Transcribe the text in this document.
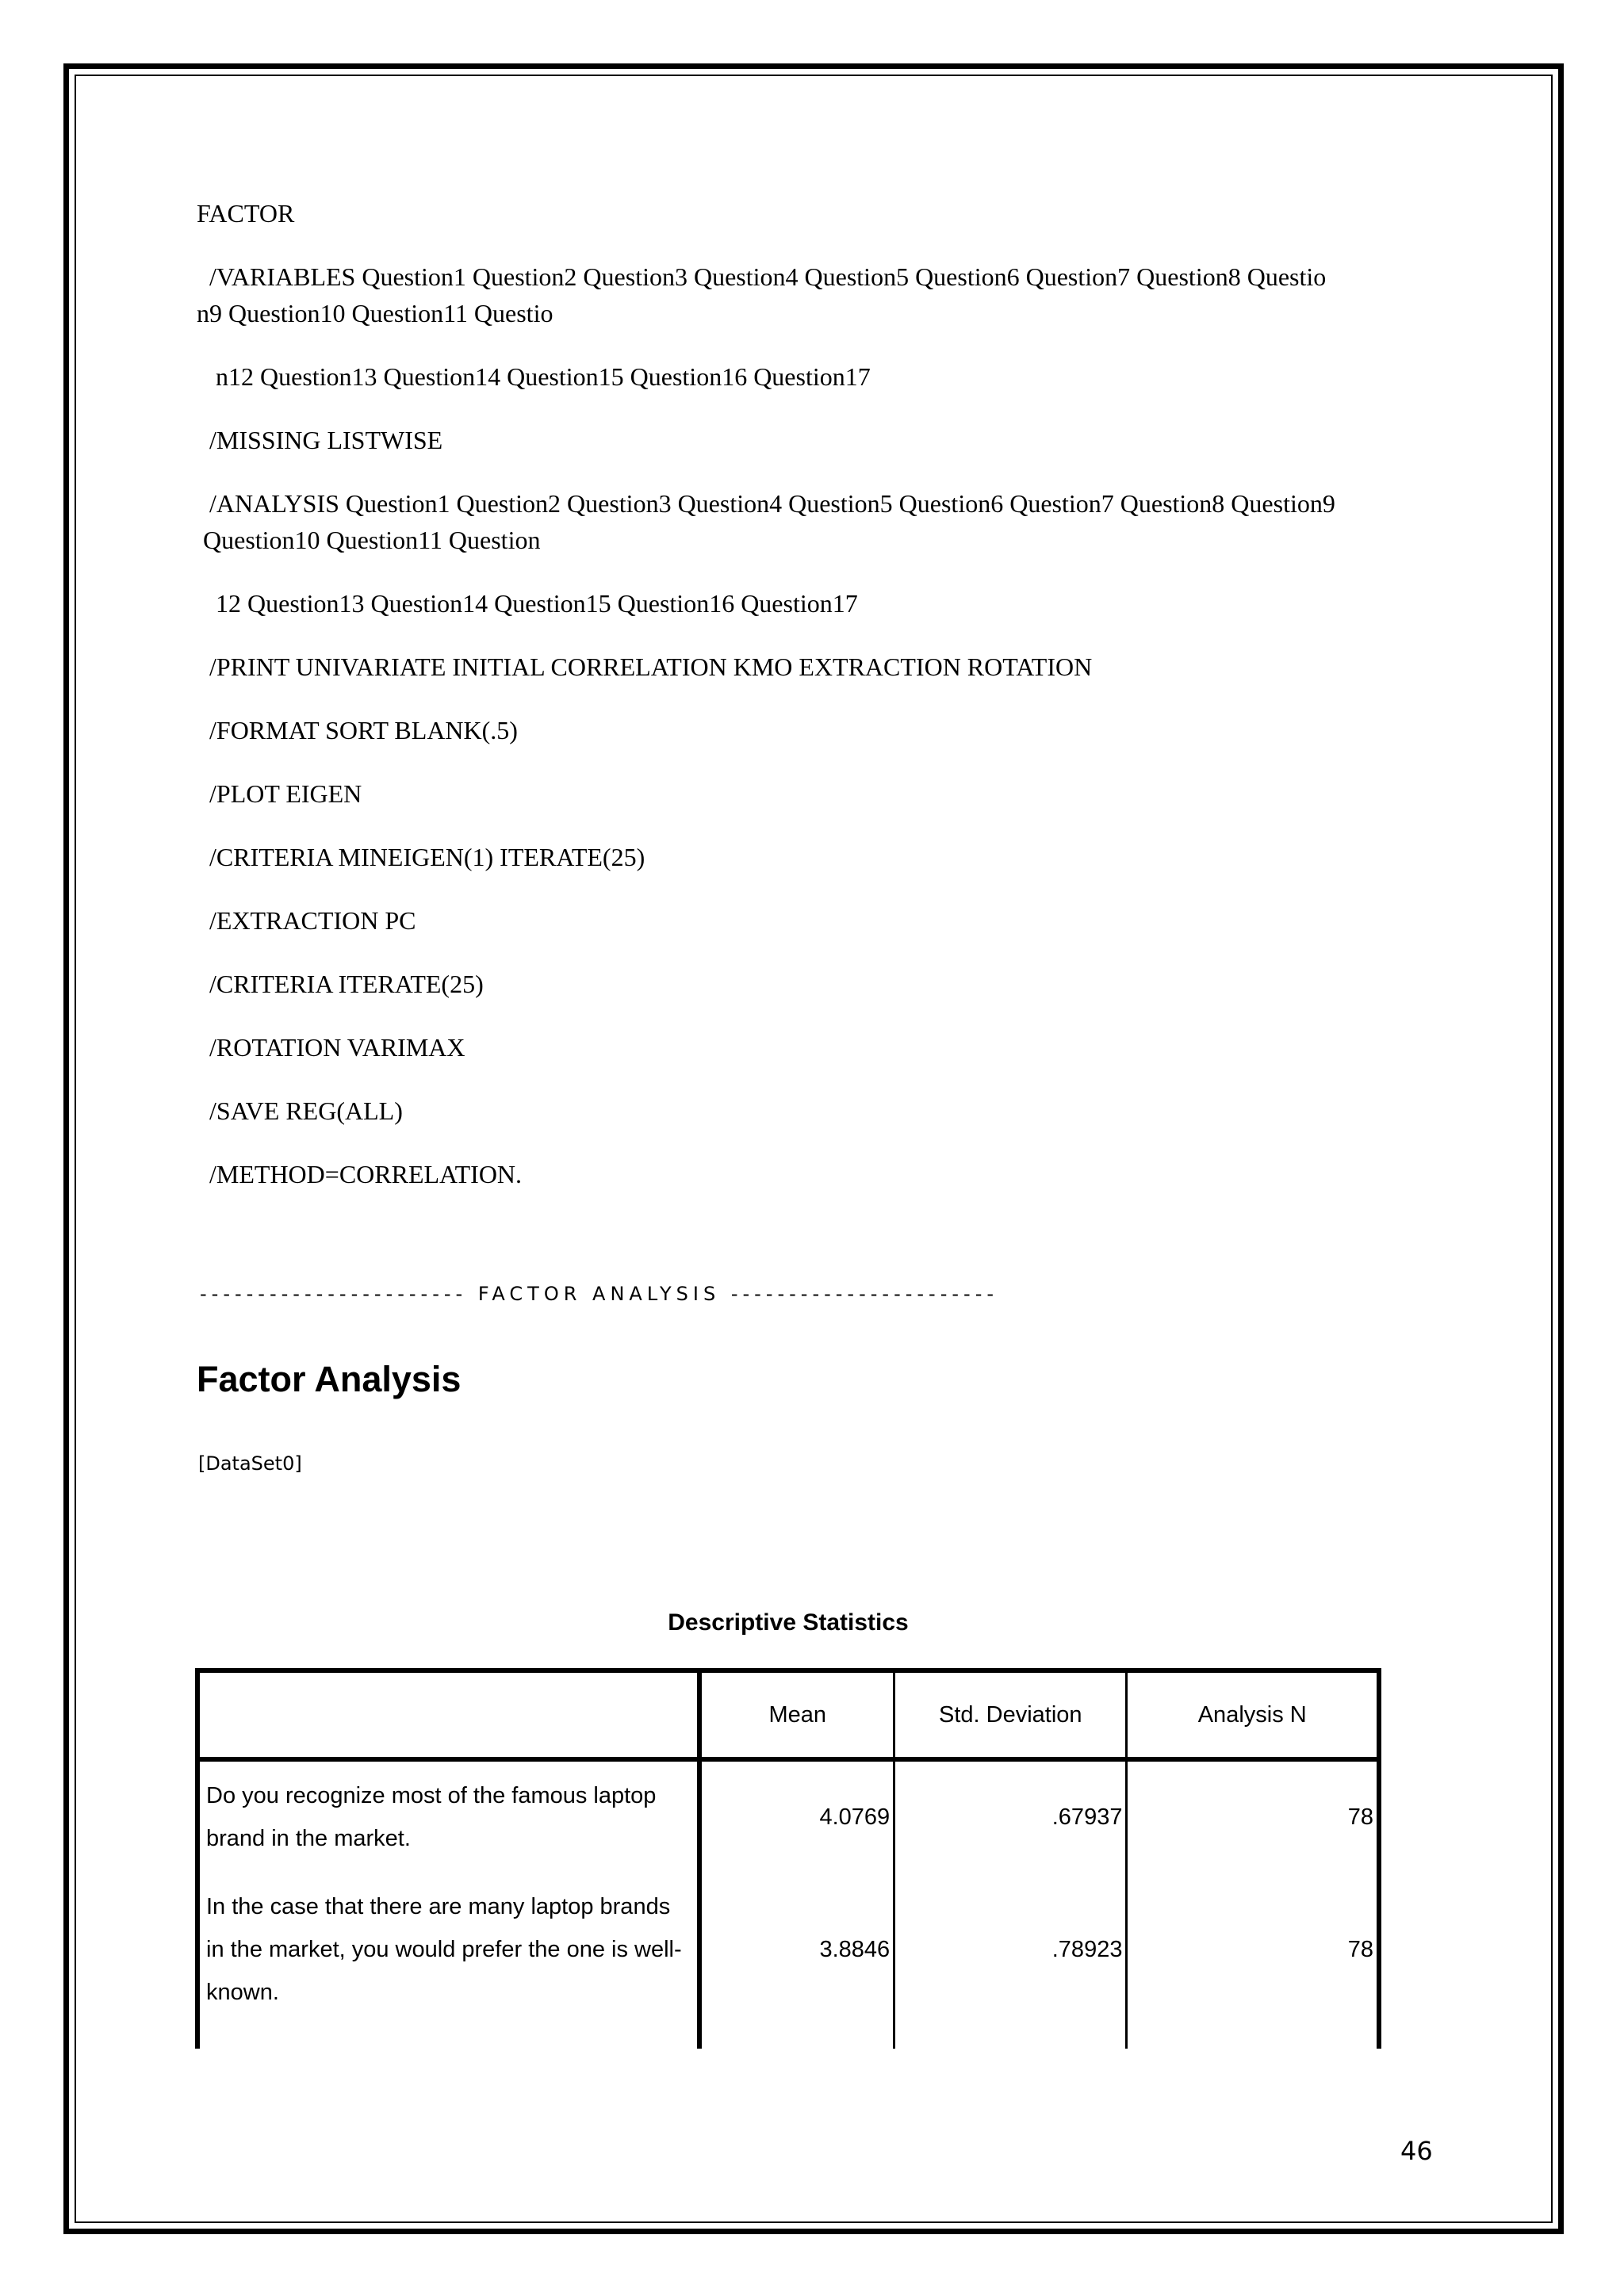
FACTOR

/VARIABLES Question1 Question2 Question3 Question4 Question5 Question6 Question7 Question8 Questio
n9 Question10 Question11 Questio

n12 Question13 Question14 Question15 Question16 Question17

/MISSING LISTWISE

/ANALYSIS Question1 Question2 Question3 Question4 Question5 Question6 Question7 Question8 Question9
Question10 Question11 Question

12 Question13 Question14 Question15 Question16 Question17

/PRINT UNIVARIATE INITIAL CORRELATION KMO EXTRACTION ROTATION

/FORMAT SORT BLANK(.5)

/PLOT EIGEN

/CRITERIA MINEIGEN(1) ITERATE(25)

/EXTRACTION PC

/CRITERIA ITERATE(25)

/ROTATION VARIMAX

/SAVE REG(ALL)

/METHOD=CORRELATION.

----------------------- FACTOR ANALYSIS -----------------------
Factor Analysis
[DataSet0]
Descriptive Statistics
	Mean	Std. Deviation	Analysis N
Do you recognize most of the famous laptop brand in the market.	4.0769	.67937	78
In the case that there are many laptop brands in the market, you would prefer the one is well-known.	3.8846	.78923	78

46
